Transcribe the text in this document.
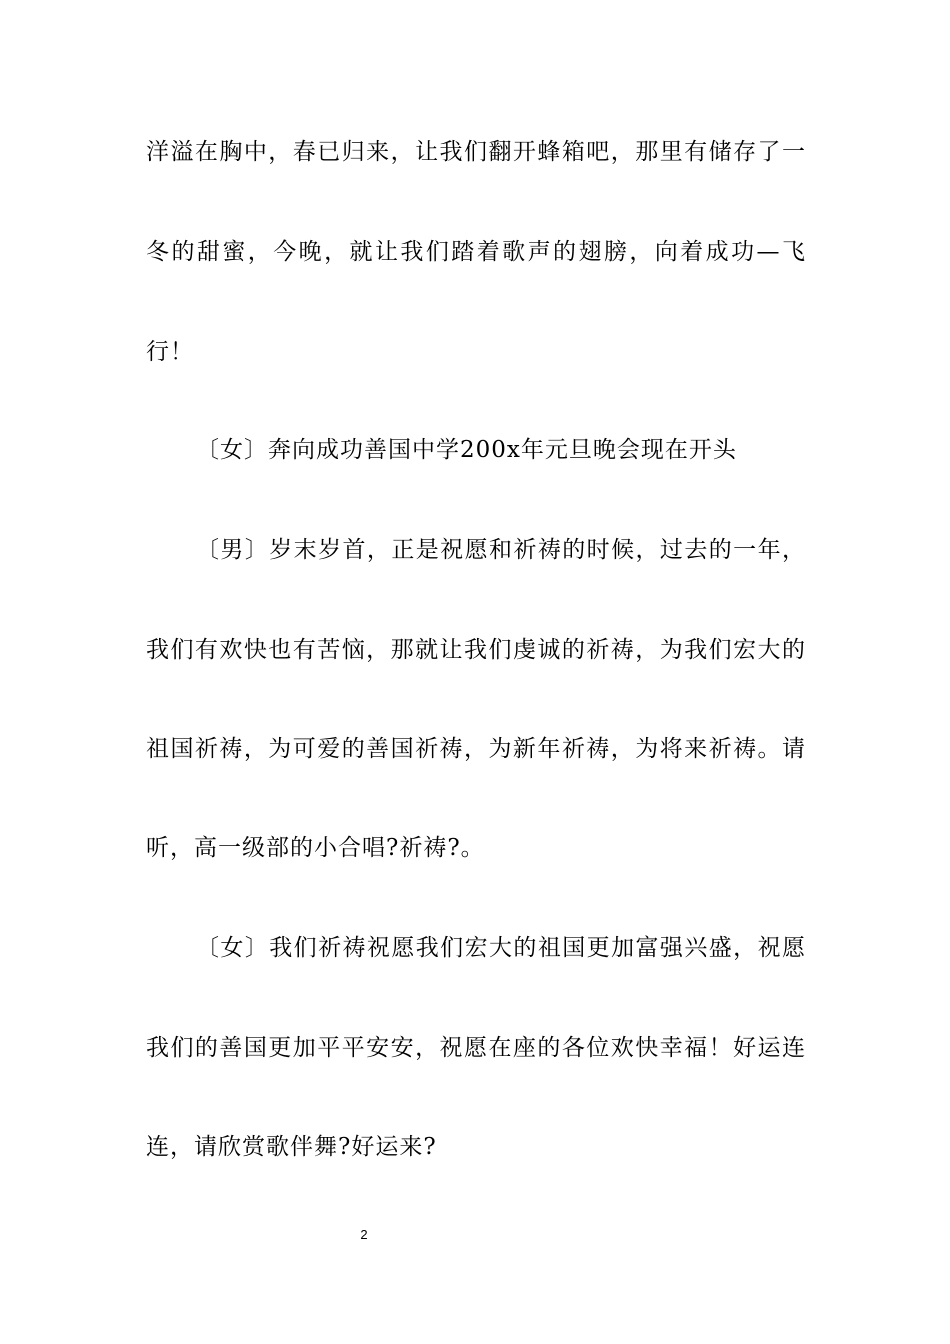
洋溢在胸中，春已归来，让我们翻开蜂箱吧，那里有储存了一
冬的甜蜜，今晚，就让我们踏着歌声的翅膀，向着成功—飞
行！
〔女〕奔向成功善国中学200x年元旦晚会现在开头
〔男〕岁末岁首，正是祝愿和祈祷的时候，过去的一年，
我们有欢快也有苦恼，那就让我们虔诚的祈祷，为我们宏大的
祖国祈祷，为可爱的善国祈祷，为新年祈祷，为将来祈祷。请
听，高一级部的小合唱?祈祷?。
〔女〕我们祈祷祝愿我们宏大的祖国更加富强兴盛，祝愿
我们的善国更加平平安安，祝愿在座的各位欢快幸福！好运连
连，请欣赏歌伴舞?好运来?
2
